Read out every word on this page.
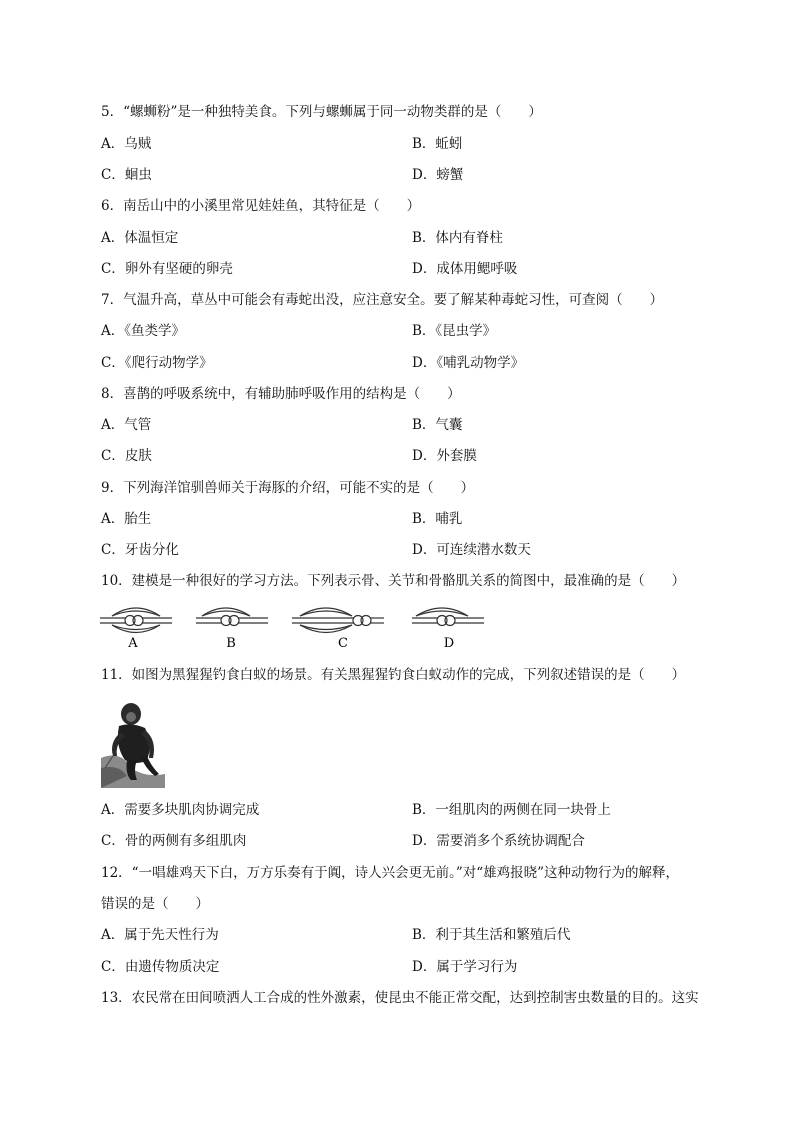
5．“螺蛳粉”是一种独特美食。下列与螺蛳属于同一动物类群的是（　　）
A．乌贼	B．蚯蚓
C．蛔虫	D．螃蟹
6．南岳山中的小溪里常见娃娃鱼，其特征是（　　）
A．体温恒定	B．体内有脊柱
C．卵外有坚硬的卵壳	D．成体用鳃呼吸
7．气温升高，草丛中可能会有毒蛇出没，应注意安全。要了解某种毒蛇习性，可查阅（　　）
A．《鱼类学》	B．《昆虫学》
C．《爬行动物学》	D．《哺乳动物学》
8．喜鹊的呼吸系统中，有辅助肺呼吸作用的结构是（　　）
A．气管	B．气囊
C．皮肤	D．外套膜
9．下列海洋馆驯兽师关于海豚的介绍，可能不实的是（　　）
A．胎生	B．哺乳
C．牙齿分化	D．可连续潜水数天
10．建模是一种很好的学习方法。下列表示骨、关节和骨骼肌关系的简图中，最准确的是（　　）
A	B	C	D
11．如图为黑猩猩钓食白蚁的场景。有关黑猩猩钓食白蚁动作的完成，下列叙述错误的是（　　）
A．需要多块肌肉协调完成	B．一组肌肉的两侧在同一块骨上
C．骨的两侧有多组肌肉	D．需要消多个系统协调配合
12．“一唱雄鸡天下白，万方乐奏有于阗，诗人兴会更无前。”对“雄鸡报晓”这种动物行为的解释，
错误的是（　　）
A．属于先天性行为	B．利于其生活和繁殖后代
C．由遗传物质决定	D．属于学习行为
13．农民常在田间喷洒人工合成的性外激素，使昆虫不能正常交配，达到控制害虫数量的目的。这实
